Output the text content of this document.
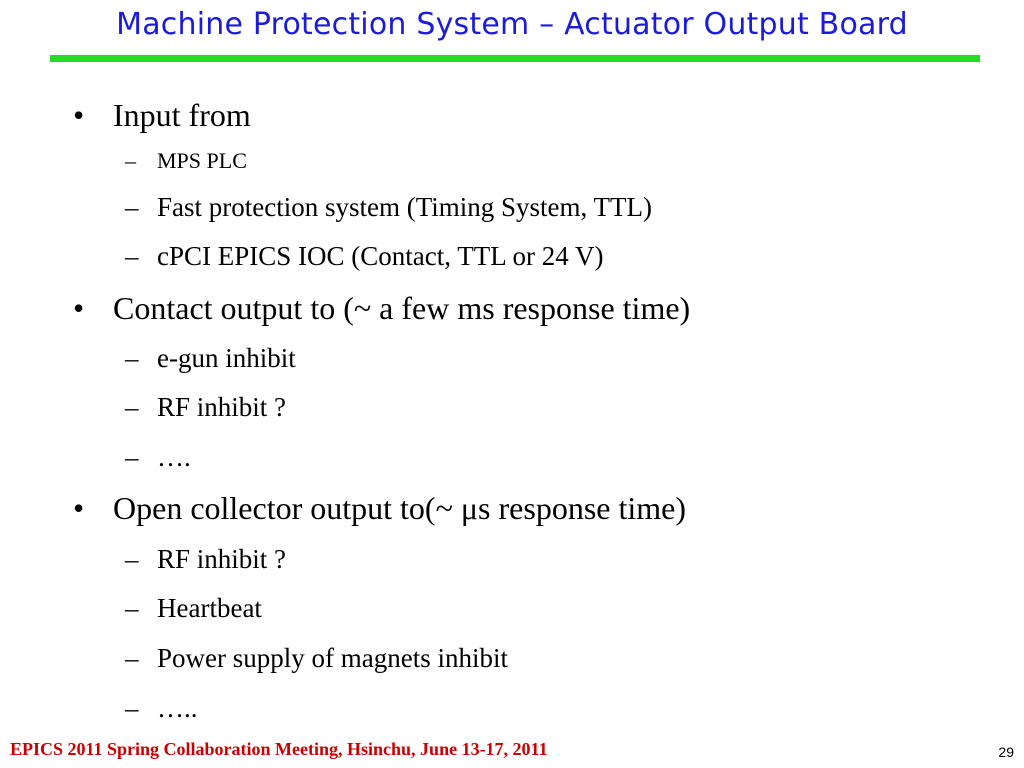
Machine Protection System – Actuator Output Board
• Input from
– MPS PLC
– Fast protection system (Timing System, TTL)
– cPCI EPICS IOC (Contact, TTL or 24 V)
• Contact output to (~ a few ms response time)
– e-gun inhibit
– RF inhibit ?
– ….
• Open collector output to(~ μs response time)
– RF inhibit ?
– Heartbeat
– Power supply of magnets inhibit
– …..
EPICS 2011 Spring Collaboration Meeting, Hsinchu, June 13-17, 2011	29
